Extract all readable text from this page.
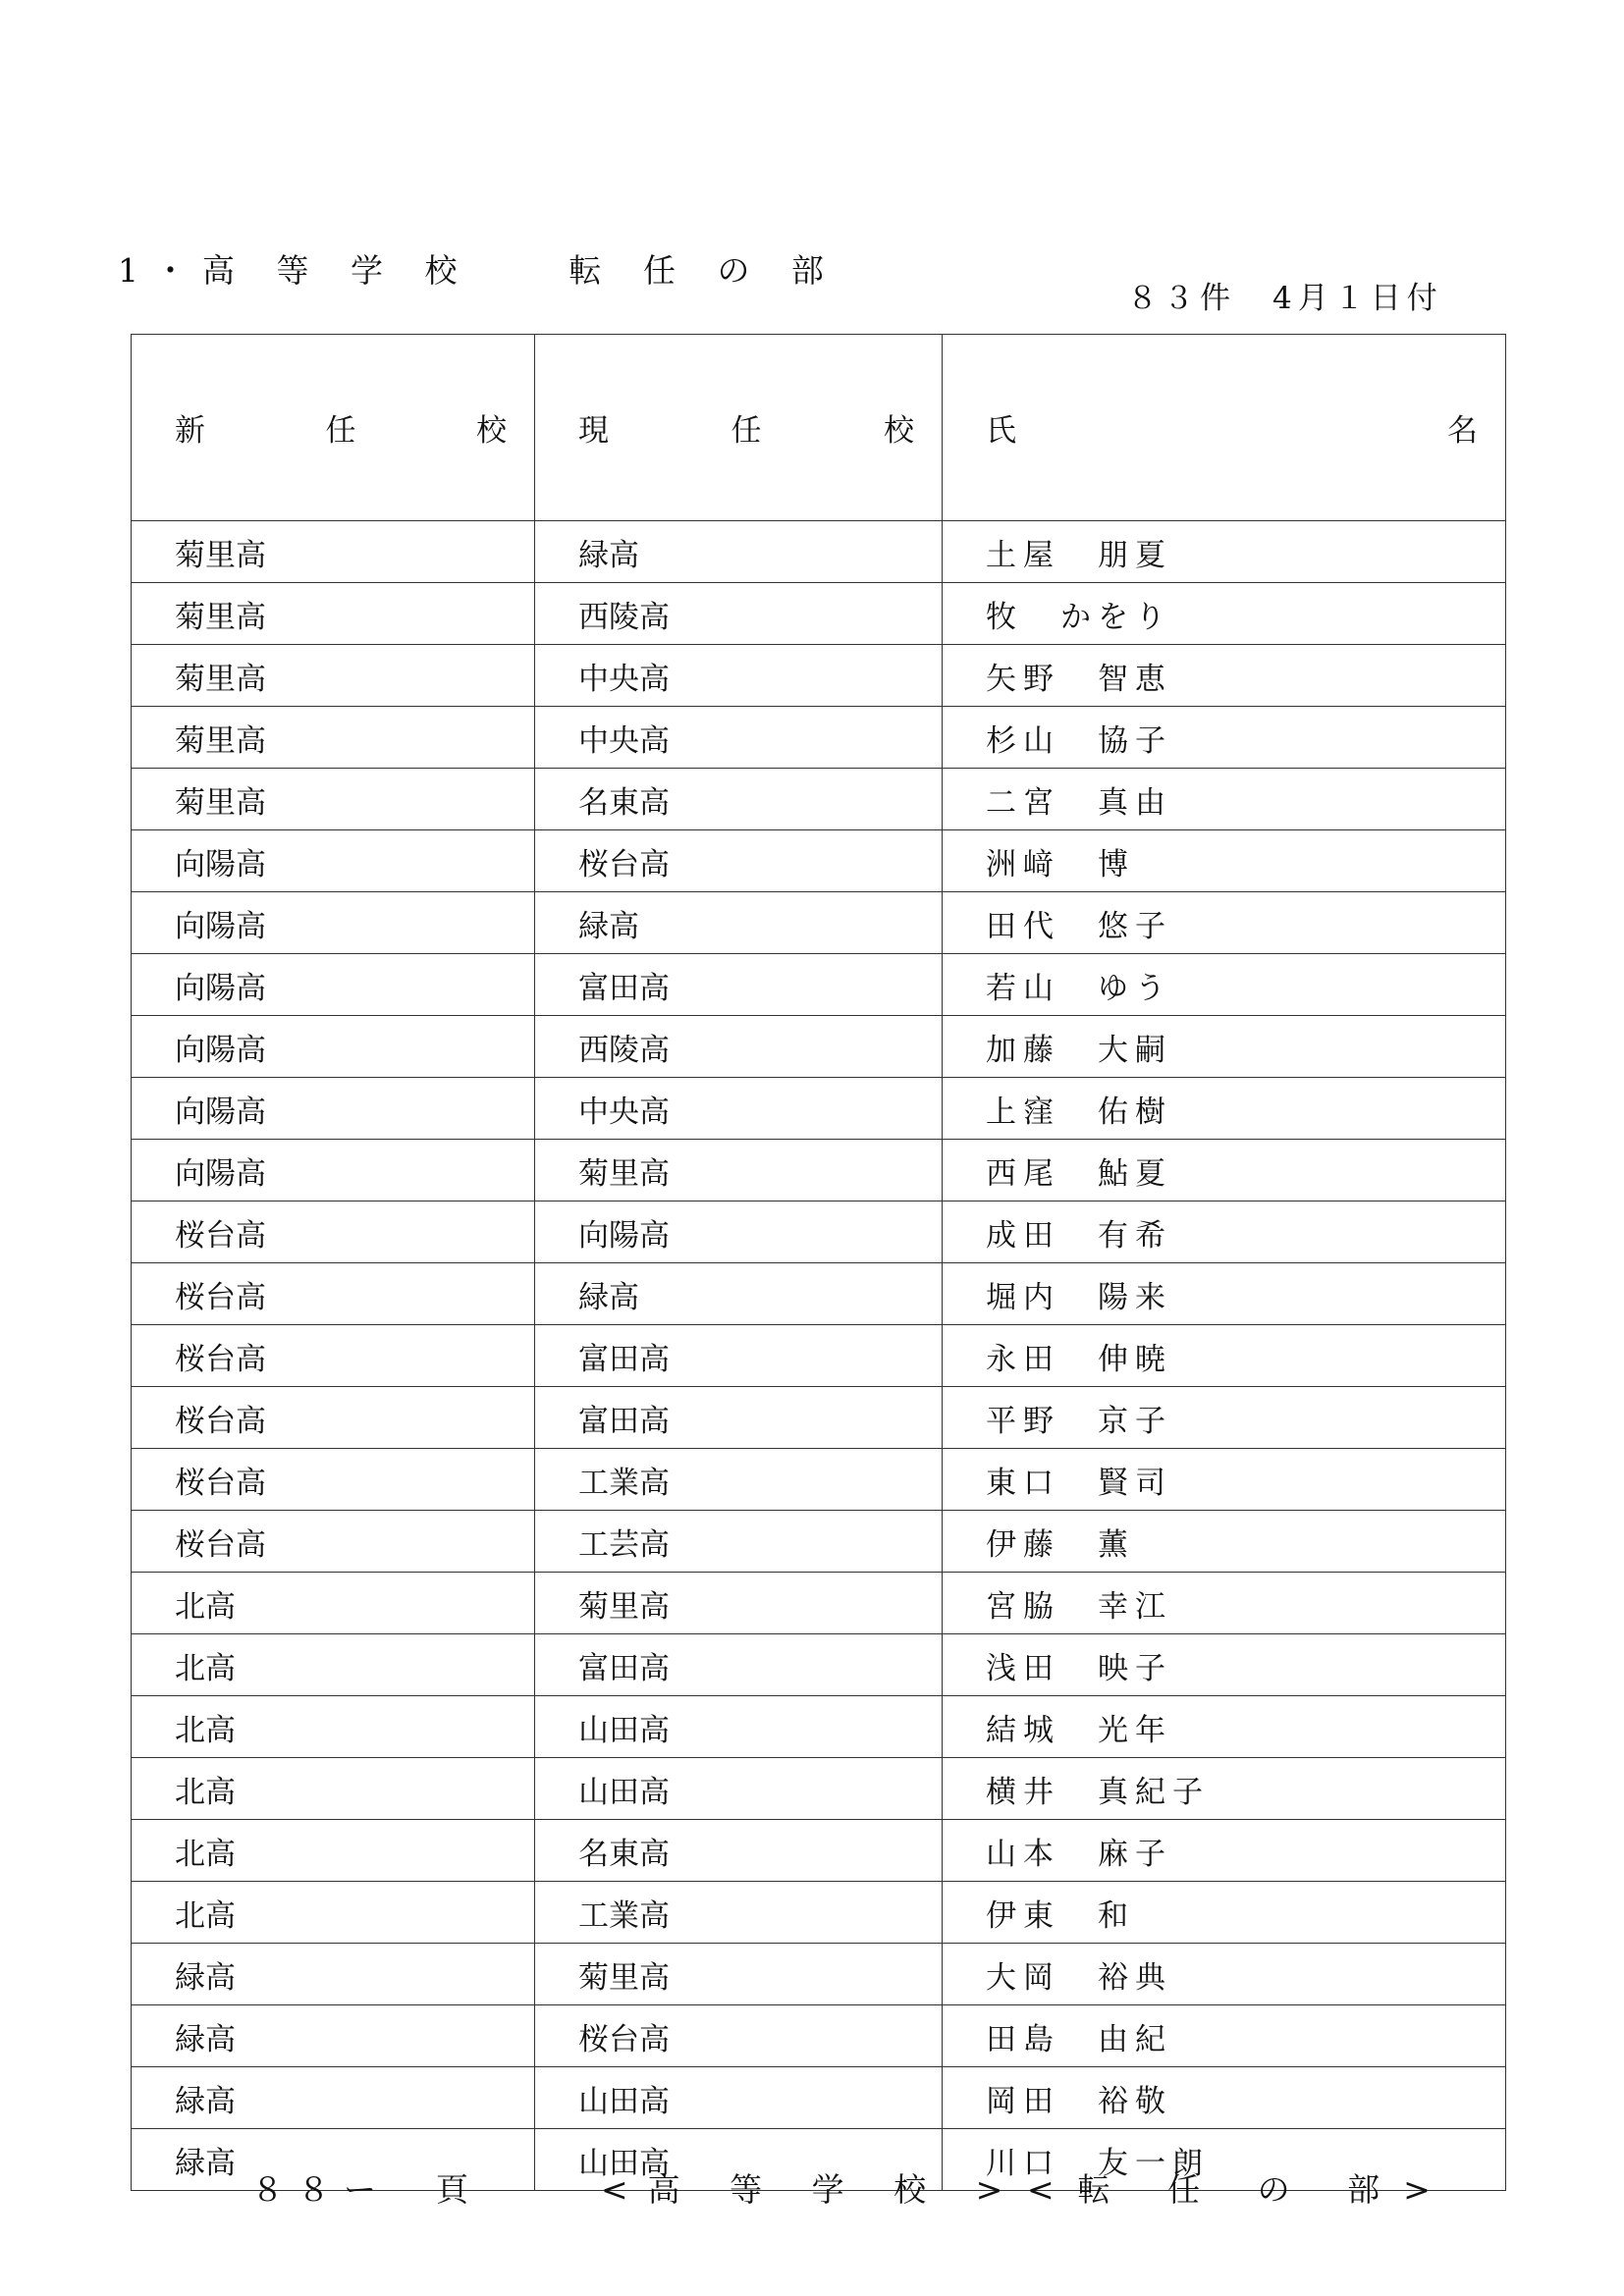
1・高 等 学 校　　転 任 の 部
８３件　4月１日付

新 任 校	現 任 校	氏 名

菊里高	緑高	土屋　朋夏
菊里高	西陵高	牧　かをり
菊里高	中央高	矢野　智恵
菊里高	中央高	杉山　協子
菊里高	名東高	二宮　真由
向陽高	桜台高	洲﨑　博
向陽高	緑高	田代　悠子
向陽高	富田高	若山　ゆう
向陽高	西陵高	加藤　大嗣
向陽高	中央高	上窪　佑樹
向陽高	菊里高	西尾　鮎夏
桜台高	向陽高	成田　有希
桜台高	緑高	堀内　陽来
桜台高	富田高	永田　伸暁
桜台高	富田高	平野　京子
桜台高	工業高	東口　賢司
桜台高	工芸高	伊藤　薫
北高	菊里高	宮脇　幸江
北高	富田高	浅田　映子
北高	山田高	結城　光年
北高	山田高	横井　真紀子
北高	名東高	山本　麻子
北高	工業高	伊東　和
緑高	菊里高	大岡　裕典
緑高	桜台高	田島　由紀
緑高	山田高	岡田　裕敬
緑高	山田高	川口　友一朗
８８ー　頁	<高 等 学 校 > <転 任 の 部>
